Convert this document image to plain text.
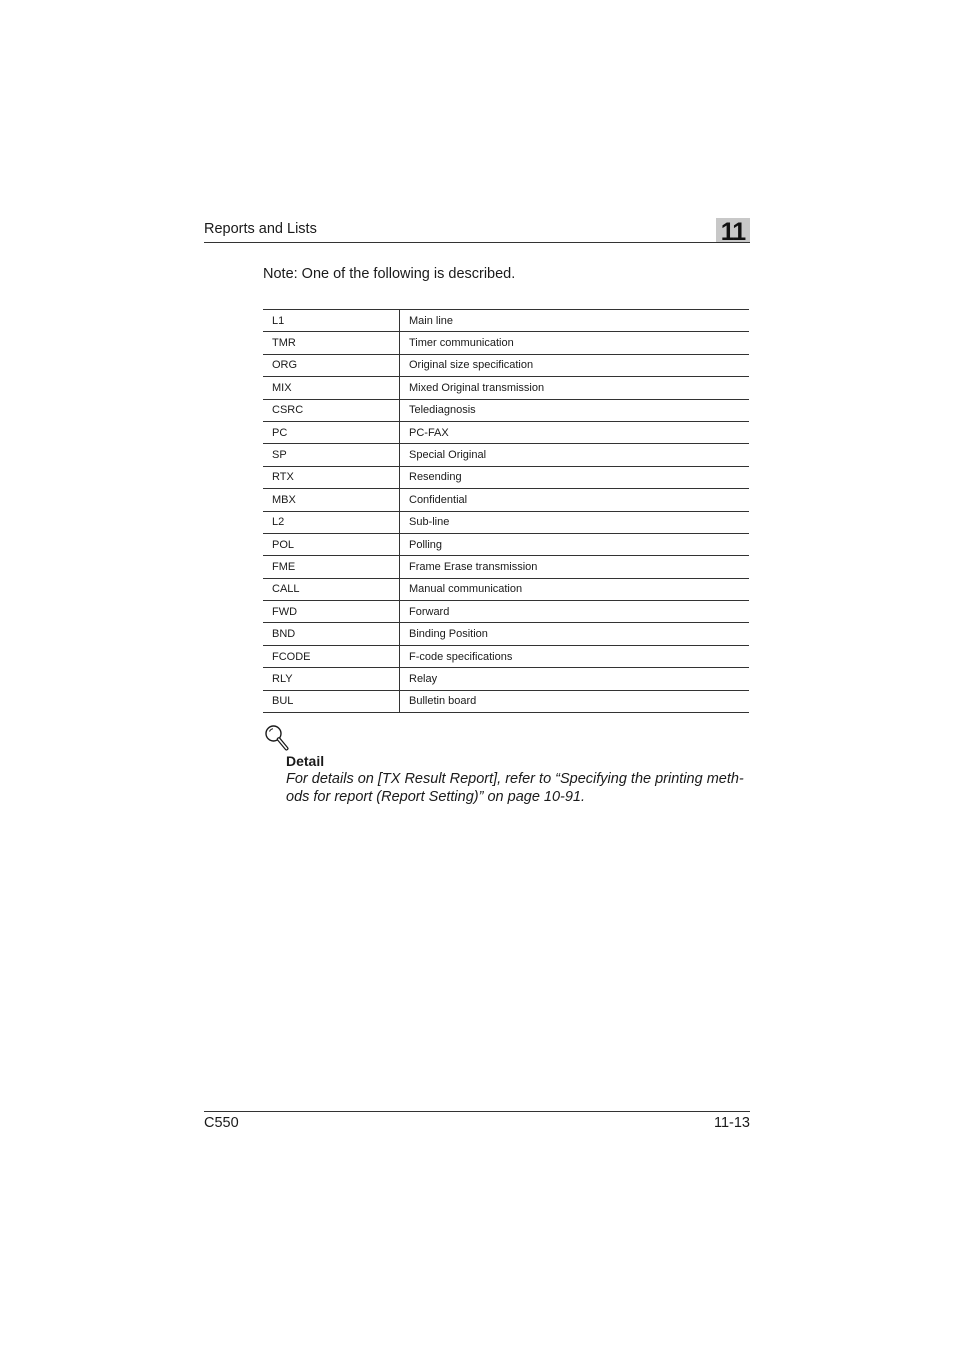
Reports and Lists	11
Note: One of the following is described.
L1	Main line
TMR	Timer communication
ORG	Original size specification
MIX	Mixed Original transmission
CSRC	Telediagnosis
PC	PC-FAX
SP	Special Original
RTX	Resending
MBX	Confidential
L2	Sub-line
POL	Polling
FME	Frame Erase transmission
CALL	Manual communication
FWD	Forward
BND	Binding Position
FCODE	F-code specifications
RLY	Relay
BUL	Bulletin board
Detail
For details on [TX Result Report], refer to “Specifying the printing meth-
ods for report (Report Setting)” on page 10-91.
C550	11-13
